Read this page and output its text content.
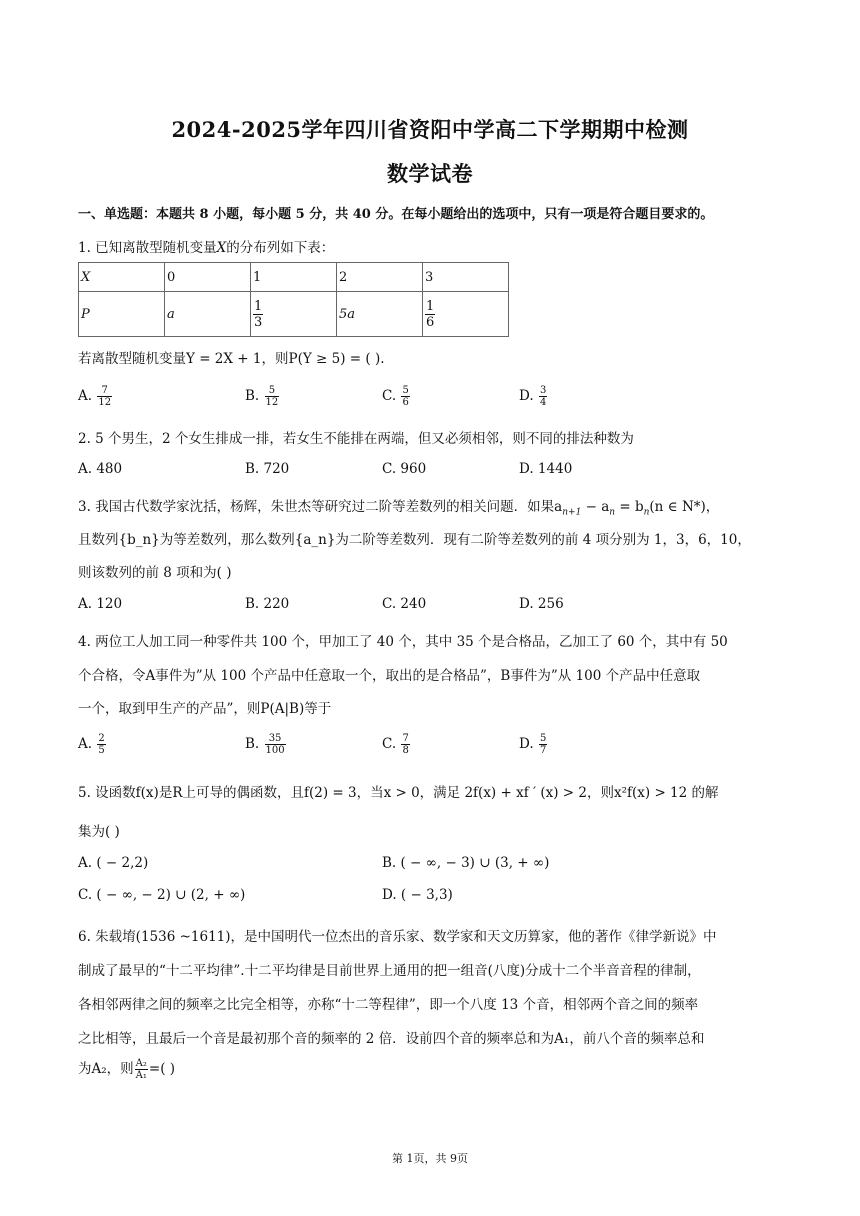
2024-2025学年四川省资阳中学高二下学期期中检测
数学试卷
一、单选题：本题共 8 小题，每小题 5 分，共 40 分。在每小题给出的选项中，只有一项是符合题目要求的。
1. 已知离散型随机变量X的分布列如下表：
X	0	1	2	3
P	a	$\frac{1}{3}$	5a	$\frac{1}{6}$
若离散型随机变量Y = 2X + 1，则P(Y ≥ 5) = ( ).
A. $\frac{7}{12}$	B. $\frac{5}{12}$	C. $\frac{5}{6}$	D. $\frac{3}{4}$
2. 5 个男生，2 个女生排成一排，若女生不能排在两端，但又必须相邻，则不同的排法种数为
A. 480	B. 720	C. 960	D. 1440
3. 我国古代数学家沈括，杨辉，朱世杰等研究过二阶等差数列的相关问题．如果$a_{n+1} - a_n = b_n(n$ ∈ N*)，
且数列{b_n}为等差数列，那么数列{a_n}为二阶等差数列．现有二阶等差数列的前 4 项分别为 1，3，6，10，
则该数列的前 8 项和为( )
A. 120	B. 220	C. 240	D. 256
4. 两位工人加工同一种零件共 100 个，甲加工了 40 个，其中 35 个是合格品，乙加工了 60 个，其中有 50
个合格，令A事件为”从 100 个产品中任意取一个，取出的是合格品”，B事件为”从 100 个产品中任意取
一个，取到甲生产的产品”，则P(A|B)等于
A. $\frac{2}{5}$	B. $\frac{35}{100}$	C. $\frac{7}{8}$	D. $\frac{5}{7}$
5. 设函数f(x)是R上可导的偶函数，且f(2) = 3，当x > 0，满足 2f(x) + xf ′ (x) > 2，则x²f(x) > 12 的解
集为( )
A. ( − 2,2)	B. ( − ∞, − 3) ∪ (3, + ∞)
C. ( − ∞, − 2) ∪ (2, + ∞)	D. ( − 3,3)
6. 朱载堉(1536 ~1611)，是中国明代一位杰出的音乐家、数学家和天文历算家，他的著作《律学新说》中
制成了最早的“十二平均律”.十二平均律是目前世界上通用的把一组音(八度)分成十二个半音音程的律制，
各相邻两律之间的频率之比完全相等，亦称“十二等程律”，即一个八度 13 个音，相邻两个音之间的频率
之比相等，且最后一个音是最初那个音的频率的 2 倍．设前四个音的频率总和为A₁，前八个音的频率总和
为A₂，则 $\frac{\text{A₂}}{\text{A₁}}$ =( )
第 1页，共 9页
